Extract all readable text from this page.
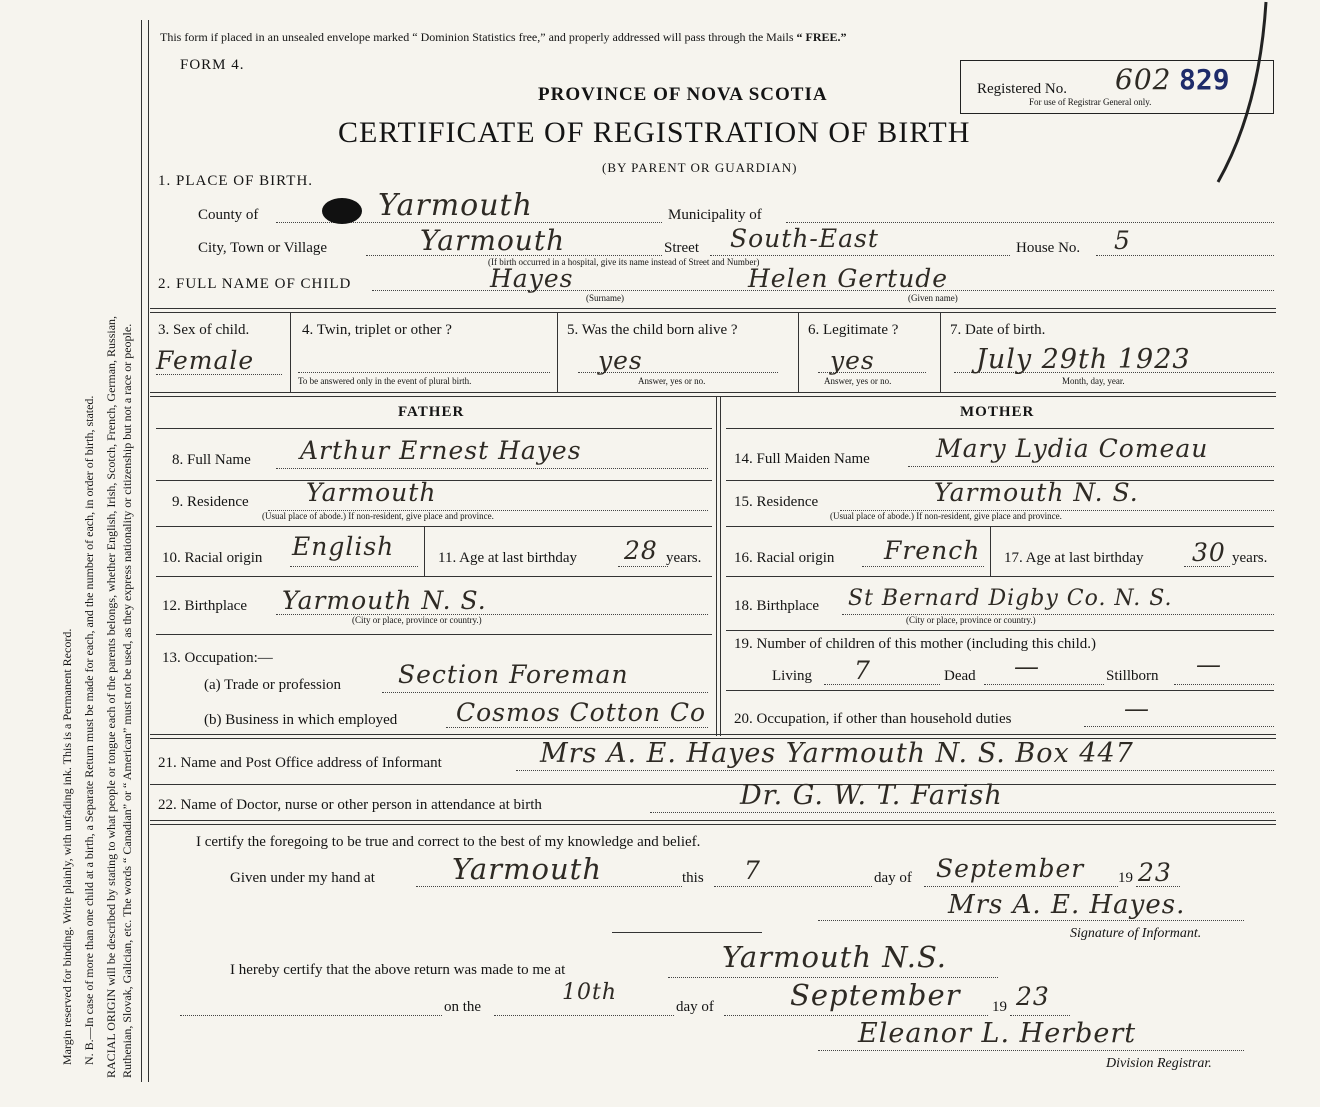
Margin reserved for binding. Write plainly, with unfading ink. This is a Permanent Record. N. B.—In case of more than one child at a birth, a Separate Return must be made for each, and the number of each, in order of birth, stated. RACIAL ORIGIN will be described by stating to what people or tongue each of the parents belongs, whether English, Irish, Scotch, French, German, Russian, Ruthenian, Slovak, Galician, etc. The words “ Canadian” or “ American” must not be used, as they express nationality or citizenship but not a race or people.
This form if placed in an unsealed envelope marked “ Dominion Statistics free,” and properly addressed will pass through the Mails “ FREE.”
FORM 4.
PROVINCE OF NOVA SCOTIA
CERTIFICATE OF REGISTRATION OF BIRTH
(BY PARENT OR GUARDIAN)
Registered No. 602 829
For use of Registrar General only.
1. PLACE OF BIRTH.
County of	Yarmouth	Municipality of
City, Town or Village	Yarmouth	Street South-East	House No. 5
(If birth occurred in a hospital, give its name instead of Street and Number)
2. FULL NAME OF CHILD	Hayes	Helen Gertude
(Surname)	(Given name)
3. Sex of child.
Female
4. Twin, triplet or other ?
To be answered only in the event of plural birth.
5. Was the child born alive ?
yes
Answer, yes or no.
6. Legitimate ?
yes
Answer, yes or no.
7. Date of birth.
July 29th 1923
Month, day, year.
FATHER	MOTHER
8. Full Name Arthur Ernest Hayes
9. Residence Yarmouth
(Usual place of abode.) If non-resident, give place and province.
10. Racial origin English	11. Age at last birthday 28 years.
12. Birthplace Yarmouth N. S.
(City or place, province or country.)
13. Occupation:—
(a) Trade or profession Section Foreman
(b) Business in which employed Cosmos Cotton Co
14. Full Maiden Name	Mary Lydia Comeau
15. Residence	Yarmouth N. S.
(Usual place of abode.) If non-resident, give place and province.
16. Racial origin French 17. Age at last birthday 30 years.
18. Birthplace St Bernard Digby Co. N. S.
(City or place, province or country.)
19. Number of children of this mother (including this child.)
Living 7	Dead —	Stillborn —
20. Occupation, if other than household duties	—
21. Name and Post Office address of Informant	Mrs A. E. Hayes Yarmouth N. S. Box 447
22. Name of Doctor, nurse or other person in attendance at birth	Dr. G. W. T. Farish
I certify the foregoing to be true and correct to the best of my knowledge and belief.
Given under my hand at	Yarmouth	this 7	day of September 19 23
Mrs A. E. Hayes.
Signature of Informant.
I hereby certify that the above return was made to me at	Yarmouth N.S.
on the
10th
day of	September 19 23
Eleanor L. Herbert
Division Registrar.
